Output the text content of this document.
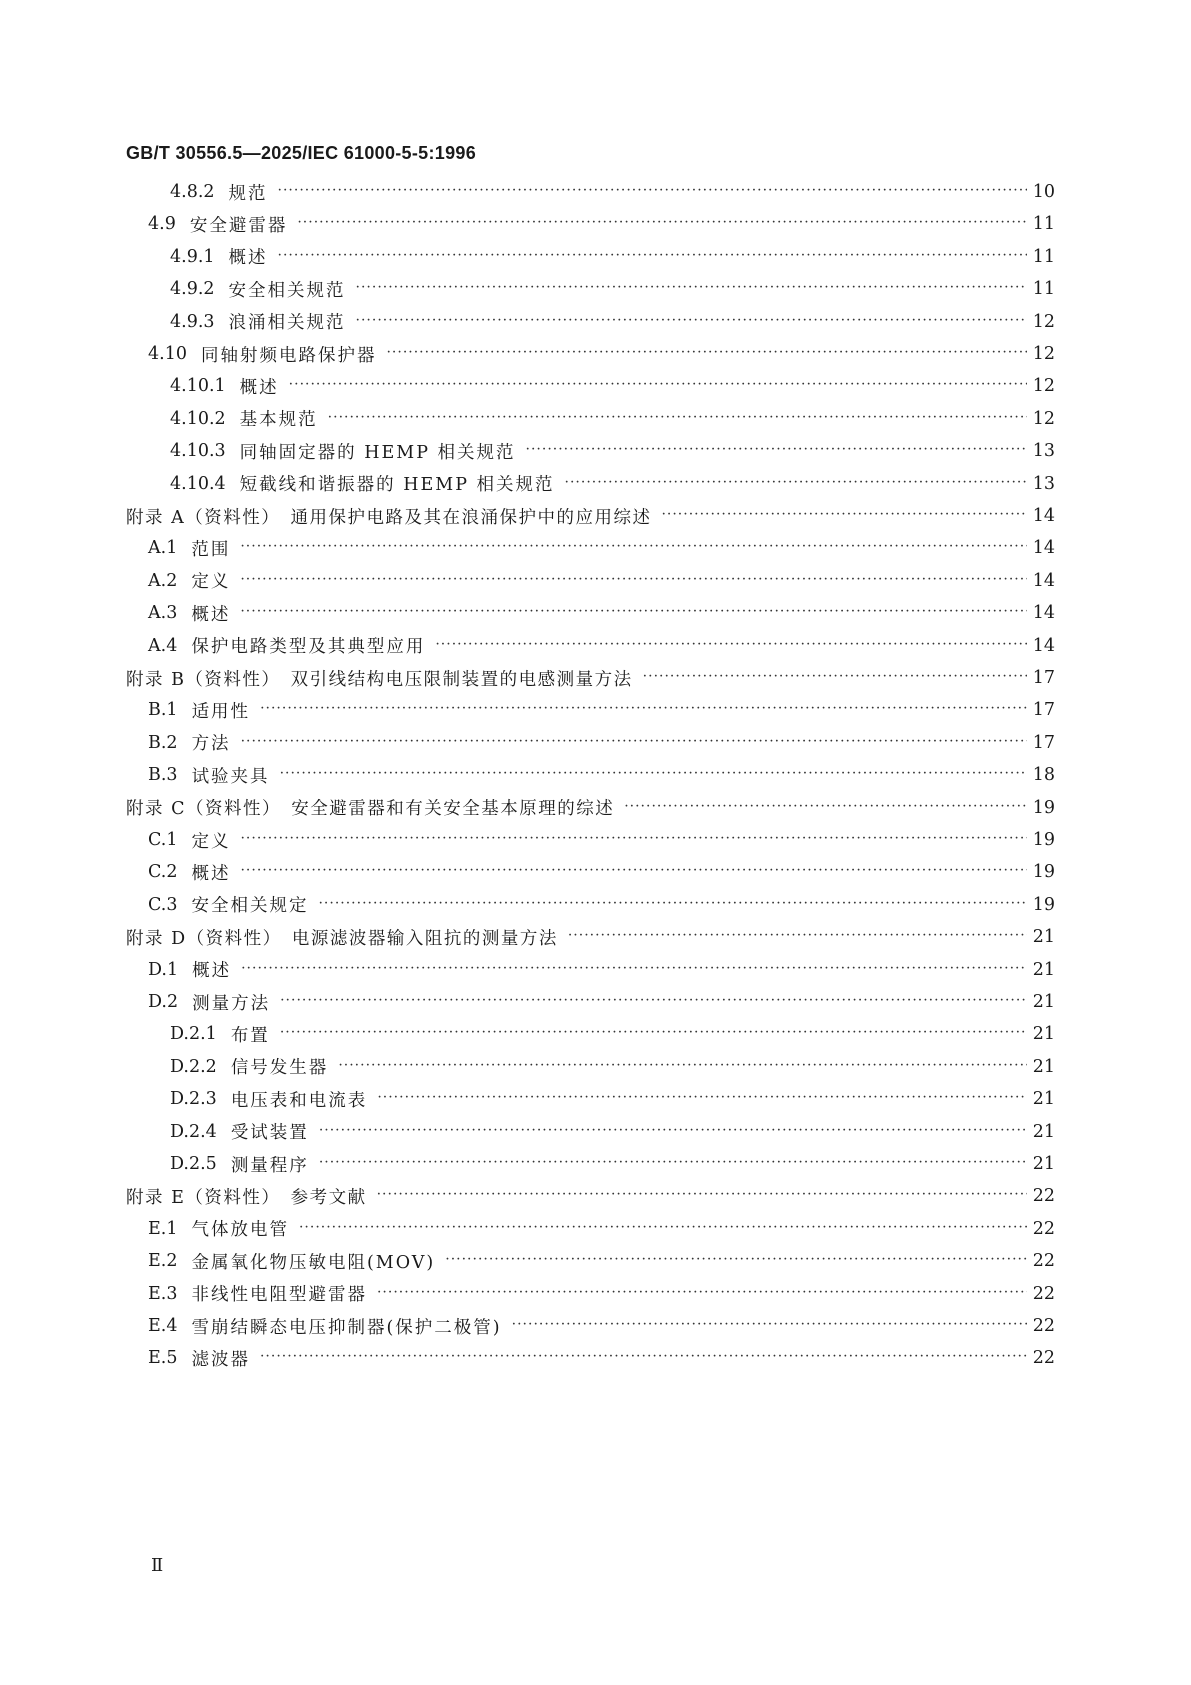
GB/T 30556.5—2025/IEC 61000-5-5:1996
4.8.2 规范 ·····	10
4.9 安全避雷器 ·····	11
4.9.1 概述 ·····	11
4.9.2 安全相关规范 ·····	11
4.9.3 浪涌相关规范 ·····	12
4.10 同轴射频电路保护器 ·····	12
4.10.1 概述 ·····	12
4.10.2 基本规范 ·····	12
4.10.3 同轴固定器的 HEMP 相关规范 ·····	13
4.10.4 短截线和谐振器的 HEMP 相关规范 ·····	13
附录 A（资料性）　通用保护电路及其在浪涌保护中的应用综述 ·····	14
A.1 范围 ·····	14
A.2 定义 ·····	14
A.3 概述 ·····	14
A.4 保护电路类型及其典型应用 ·····	14
附录 B（资料性）　双引线结构电压限制装置的电感测量方法 ·····	17
B.1 适用性 ·····	17
B.2 方法 ·····	17
B.3 试验夹具 ·····	18
附录 C（资料性）　安全避雷器和有关安全基本原理的综述 ·····	19
C.1 定义 ·····	19
C.2 概述 ·····	19
C.3 安全相关规定 ·····	19
附录 D（资料性）　电源滤波器输入阻抗的测量方法 ·····	21
D.1 概述 ·····	21
D.2 测量方法 ·····	21
D.2.1 布置 ·····	21
D.2.2 信号发生器 ·····	21
D.2.3 电压表和电流表 ·····	21
D.2.4 受试装置 ·····	21
D.2.5 测量程序 ·····	21
附录 E（资料性）　参考文献 ·····	22
E.1 气体放电管 ·····	22
E.2 金属氧化物压敏电阻(MOV) ·····	22
E.3 非线性电阻型避雷器 ·····	22
E.4 雪崩结瞬态电压抑制器(保护二极管) ·····	22
E.5 滤波器 ·····	22
Ⅱ
